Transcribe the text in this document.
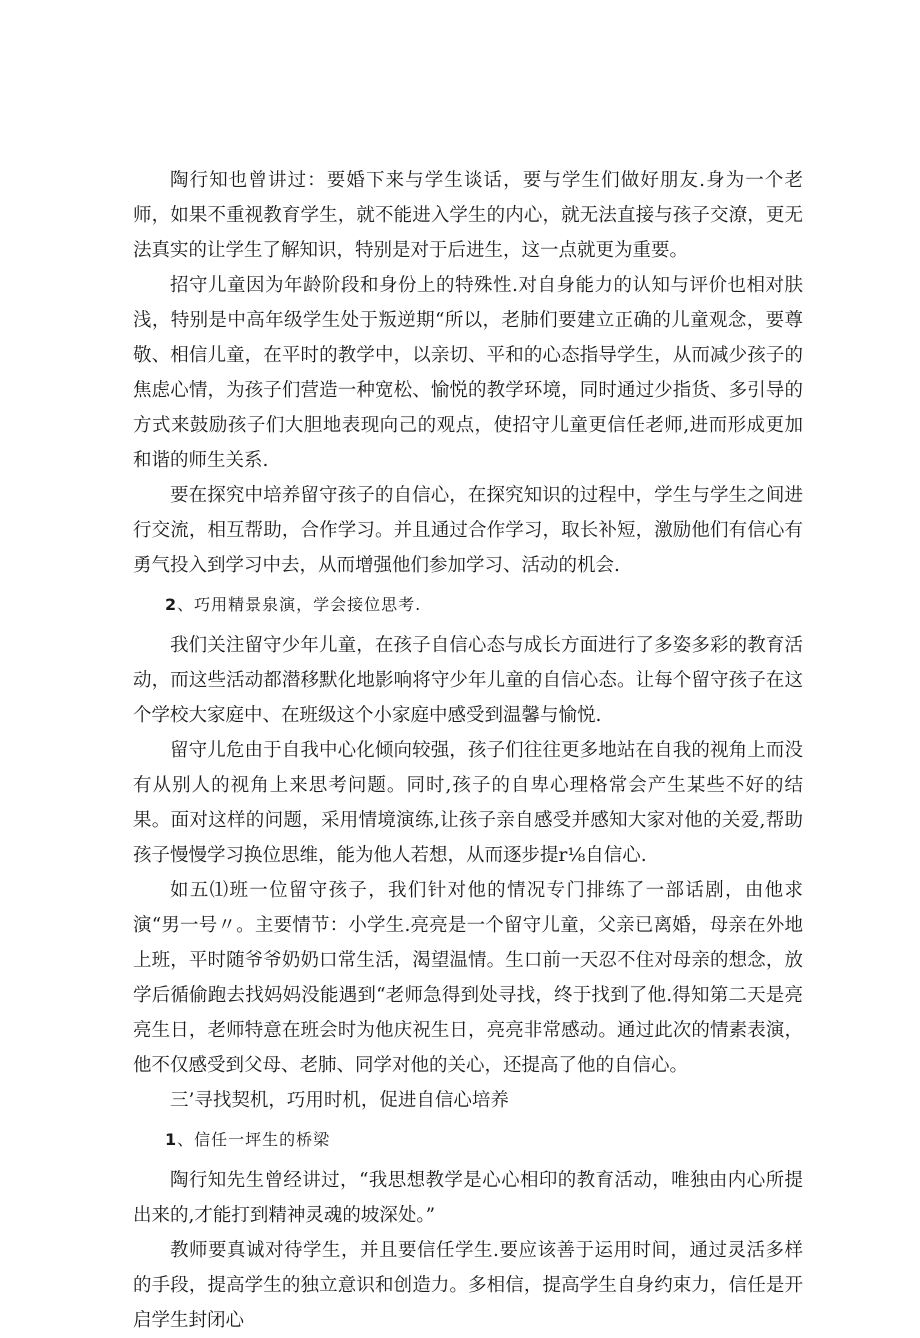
陶行知也曾讲过：要婚下来与学生谈话，要与学生们做好朋友.身为一个老师，如果不重视教育学生，就不能进入学生的内心，就无法直接与孩子交潦，更无法真实的让学生了解知识，特别是对于后进生，这一点就更为重要。

招守儿童因为年龄阶段和身份上的特殊性.对自身能力的认知与评价也相对肤浅，特别是中高年级学生处于叛逆期“所以，老肺们要建立正确的儿童观念，要尊敬、相信儿童，在平时的教学中，以亲切、平和的心态指导学生，从而减少孩子的焦虑心情，为孩子们营造一种宽松、愉悦的教学环境，同时通过少指货、多引导的方式来鼓励孩子们大胆地表现向己的观点，使招守儿童更信任老师,进而形成更加和谐的师生关系.

要在探究中培养留守孩子的自信心，在探究知识的过程中，学生与学生之间进行交流，相互帮助，合作学习。并且通过合作学习，取长补短，激励他们有信心有勇气投入到学习中去，从而增强他们参加学习、活动的机会.

2、巧用精景泉演，学会接位思考.

我们关注留守少年儿童，在孩子自信心态与成长方面进行了多姿多彩的教育活动，而这些活动都潜移默化地影响将守少年儿童的自信心态。让每个留守孩子在这个学校大家庭中、在班级这个小家庭中感受到温馨与愉悦.

留守儿危由于自我中心化倾向较强，孩子们往往更多地站在自我的视角上而没有从别人的视角上来思考问题。同时,孩子的自卑心理格常会产生某些不好的结果。面对这样的问题，采用情境演练,让孩子亲自感受并感知大家对他的关爱,帮助孩子慢慢学习换位思维，能为他人若想，从而逐步提r⅛自信心.

如五⑴班一位留守孩子，我们针对他的情况专门排练了一部话剧，由他求演“男一号〃。主要情节：小学生.亮亮是一个留守儿童，父亲已离婚，母亲在外地上班，平时随爷爷奶奶口常生活，渴望温情。生口前一天忍不住对母亲的想念，放学后循偷跑去找妈妈没能遇到“老师急得到处寻找，终于找到了他.得知第二天是亮亮生日，老师特意在班会时为他庆祝生日，亮亮非常感动。通过此次的情素表演，他不仅感受到父母、老肺、同学对他的关心，还提高了他的自信心。

三’寻找契机，巧用时机，促进自信心培养

1、信任一坪生的桥梁

陶行知先生曾经讲过，“我思想教学是心心相印的教育活动，唯独由内心所提出来的,才能打到精神灵魂的坡深处。”

教师要真诚对待学生，并且要信任学生.要应该善于运用时间，通过灵活多样的手段，提高学生的独立意识和创造力。多相信，提高学生自身约束力，信任是开启学生封闭心
